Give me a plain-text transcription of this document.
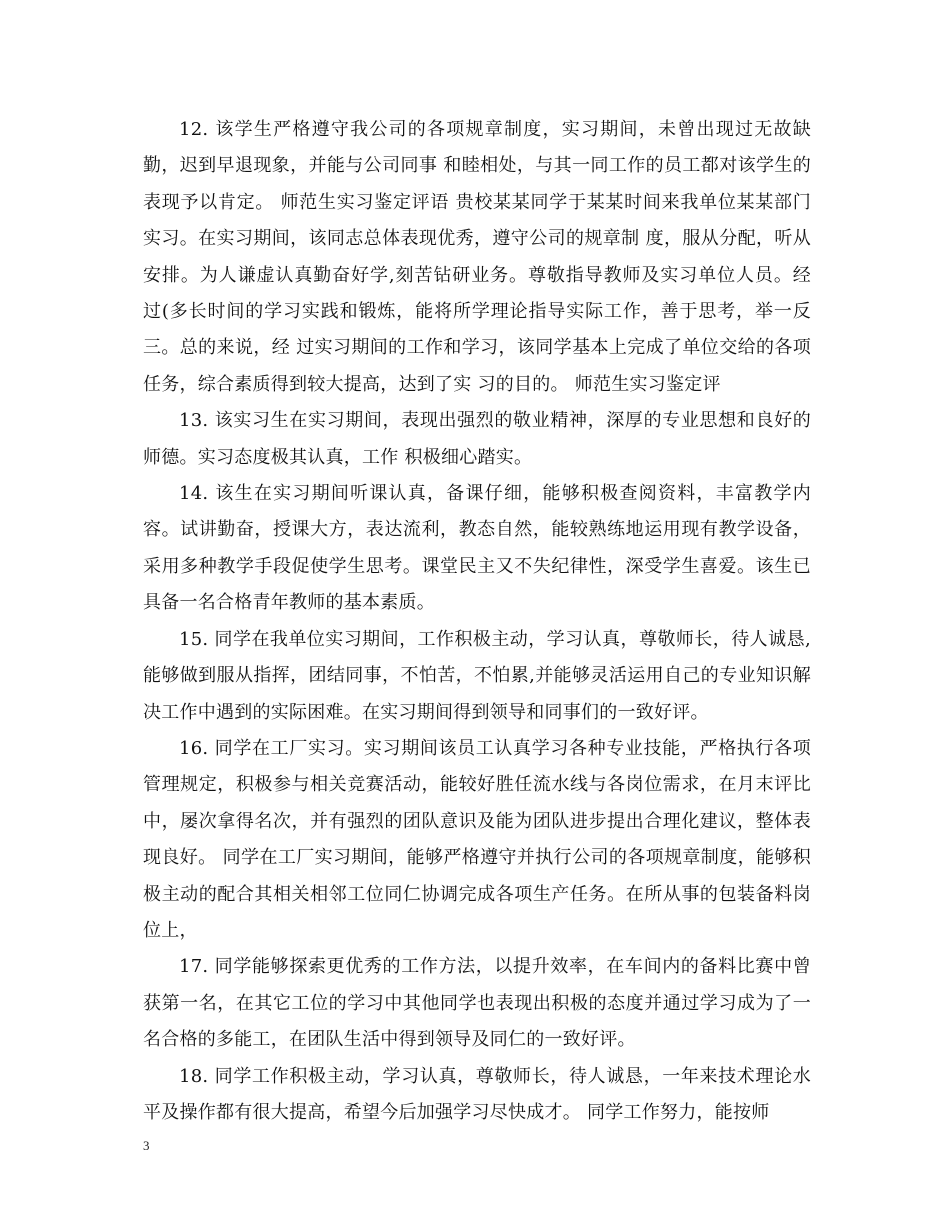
12. 该学生严格遵守我公司的各项规章制度，实习期间，未曾出现过无故缺勤，迟到早退现象，并能与公司同事 和睦相处，与其一同工作的员工都对该学生的表现予以肯定。 师范生实习鉴定评语 贵校某某同学于某某时间来我单位某某部门实习。在实习期间，该同志总体表现优秀，遵守公司的规章制 度，服从分配，听从安排。为人谦虚认真勤奋好学,刻苦钻研业务。尊敬指导教师及实习单位人员。经 过(多长时间的学习实践和锻炼，能将所学理论指导实际工作，善于思考，举一反三。总的来说，经 过实习期间的工作和学习，该同学基本上完成了单位交给的各项任务，综合素质得到较大提高，达到了实 习的目的。 师范生实习鉴定评

13. 该实习生在实习期间，表现出强烈的敬业精神，深厚的专业思想和良好的师德。实习态度极其认真，工作 积极细心踏实。

14. 该生在实习期间听课认真，备课仔细，能够积极查阅资料，丰富教学内容。试讲勤奋，授课大方，表达流利，教态自然，能较熟练地运用现有教学设备，采用多种教学手段促使学生思考。课堂民主又不失纪律性，深受学生喜爱。该生已具备一名合格青年教师的基本素质。

15. 同学在我单位实习期间，工作积极主动，学习认真，尊敬师长，待人诚恳,能够做到服从指挥，团结同事，不怕苦，不怕累,并能够灵活运用自己的专业知识解决工作中遇到的实际困难。在实习期间得到领导和同事们的一致好评。

16. 同学在工厂实习。实习期间该员工认真学习各种专业技能，严格执行各项管理规定，积极参与相关竞赛活动，能较好胜任流水线与各岗位需求，在月末评比中，屡次拿得名次，并有强烈的团队意识及能为团队进步提出合理化建议，整体表现良好。 同学在工厂实习期间，能够严格遵守并执行公司的各项规章制度，能够积极主动的配合其相关相邻工位同仁协调完成各项生产任务。在所从事的包装备料岗位上，

17. 同学能够探索更优秀的工作方法，以提升效率，在车间内的备料比赛中曾获第一名，在其它工位的学习中其他同学也表现出积极的态度并通过学习成为了一名合格的多能工，在团队生活中得到领导及同仁的一致好评。

18. 同学工作积极主动，学习认真，尊敬师长，待人诚恳，一年来技术理论水平及操作都有很大提高，希望今后加强学习尽快成才。 同学工作努力，能按师

3
